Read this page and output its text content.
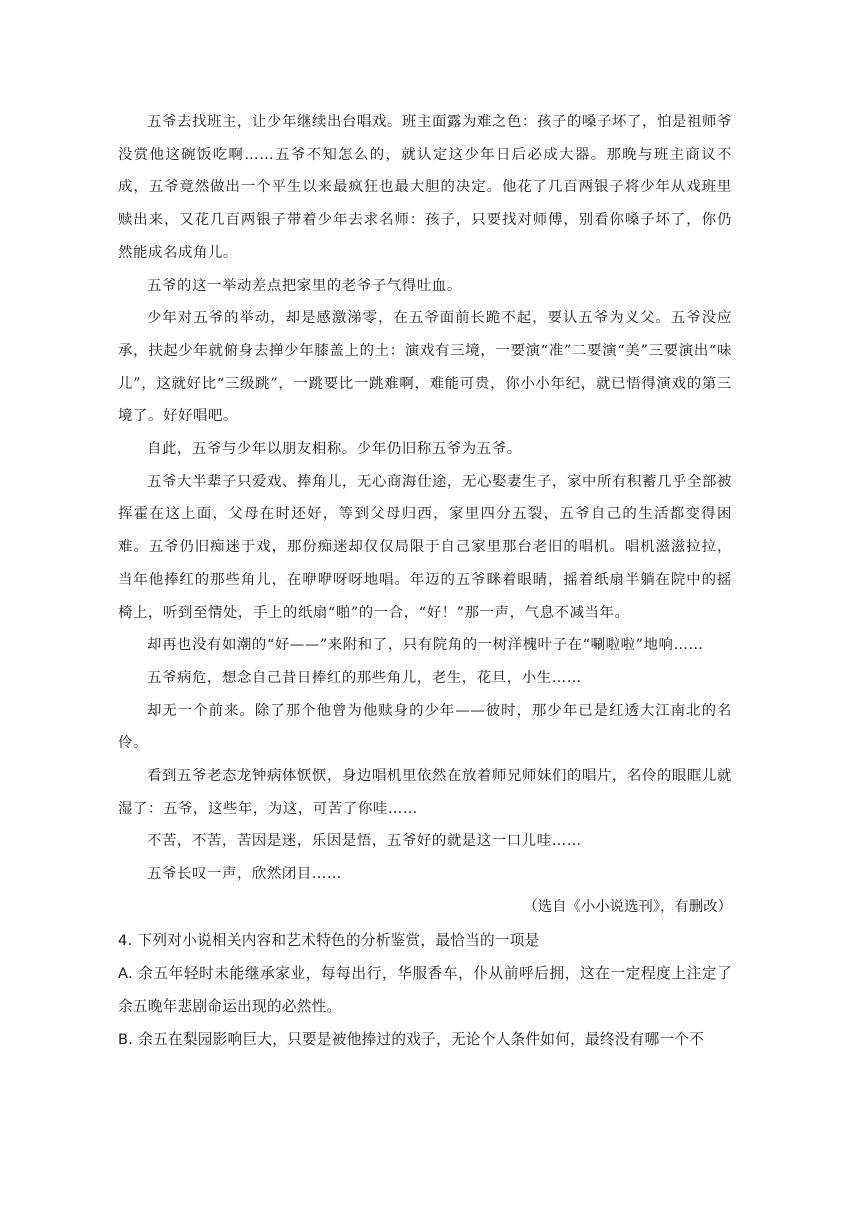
五爷去找班主，让少年继续出台唱戏。班主面露为难之色：孩子的嗓子坏了，怕是祖师爷没赏他这碗饭吃啊……五爷不知怎么的，就认定这少年日后必成大器。那晚与班主商议不成，五爷竟然做出一个平生以来最疯狂也最大胆的决定。他花了几百两银子将少年从戏班里赎出来，又花几百两银子带着少年去求名师：孩子，只要找对师傅，别看你嗓子坏了，你仍然能成名成角儿。

五爷的这一举动差点把家里的老爷子气得吐血。

少年对五爷的举动，却是感激涕零，在五爷面前长跪不起，要认五爷为义父。五爷没应承，扶起少年就俯身去掸少年膝盖上的土：演戏有三境，一要演“准”二要演“美”三要演出“味儿”，这就好比“三级跳”，一跳要比一跳难啊，难能可贵，你小小年纪，就已悟得演戏的第三境了。好好唱吧。

自此，五爷与少年以朋友相称。少年仍旧称五爷为五爷。

五爷大半辈子只爱戏、捧角儿，无心商海仕途，无心娶妻生子，家中所有积蓄几乎全部被挥霍在这上面，父母在时还好，等到父母归西，家里四分五裂，五爷自己的生活都变得困难。五爷仍旧痴迷于戏，那份痴迷却仅仅局限于自己家里那台老旧的唱机。唱机滋滋拉拉，当年他捧红的那些角儿，在咿咿呀呀地唱。年迈的五爷眯着眼睛，摇着纸扇半躺在院中的摇椅上，听到至情处，手上的纸扇“啪”的一合，“好！”那一声，气息不减当年。

却再也没有如潮的“好——”来附和了，只有院角的一树洋槐叶子在“唰啦啦”地响……

五爷病危，想念自己昔日捧红的那些角儿，老生，花旦，小生……

却无一个前来。除了那个他曾为他赎身的少年——彼时，那少年已是红透大江南北的名伶。

看到五爷老态龙钟病体恹恹，身边唱机里依然在放着师兄师妹们的唱片，名伶的眼眶儿就湿了：五爷，这些年，为这，可苦了你哇……

不苦，不苦，苦因是迷，乐因是悟，五爷好的就是这一口儿哇……

五爷长叹一声，欣然闭目……

（选自《小小说选刊》，有删改）

4. 下列对小说相关内容和艺术特色的分析鉴赏，最恰当的一项是

A. 余五年轻时未能继承家业，每每出行，华服香车，仆从前呼后拥，这在一定程度上注定了余五晚年悲剧命运出现的必然性。

B. 余五在梨园影响巨大，只要是被他捧过的戏子，无论个人条件如何，最终没有哪一个不
